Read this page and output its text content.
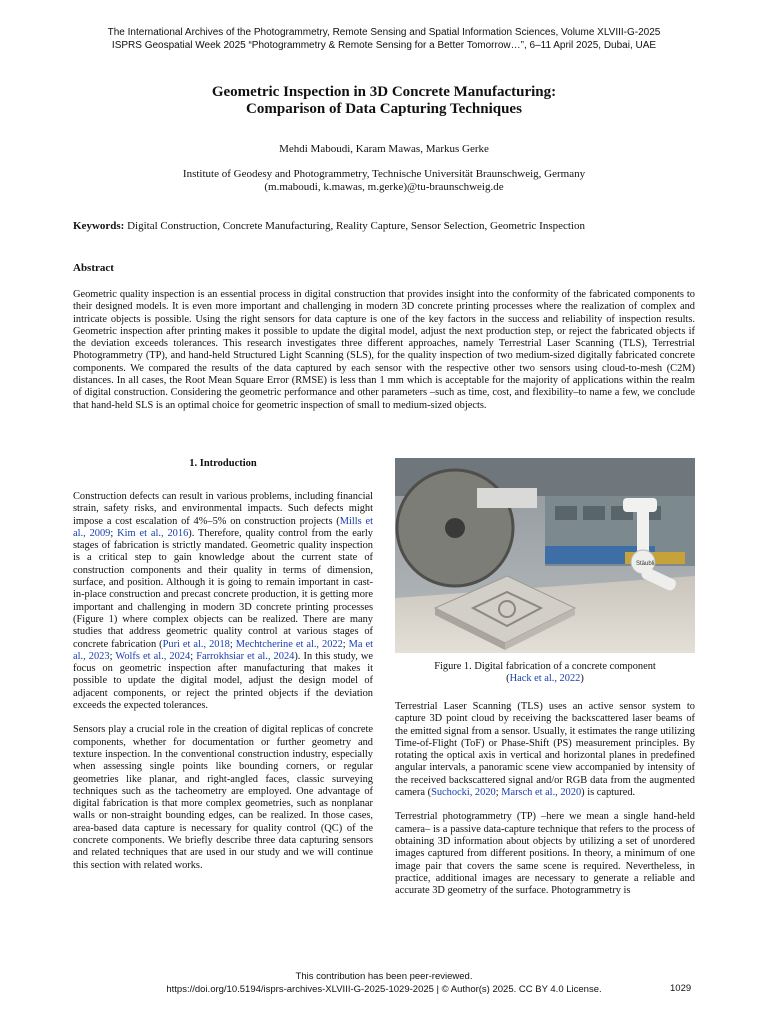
The International Archives of the Photogrammetry, Remote Sensing and Spatial Information Sciences, Volume XLVIII-G-2025
ISPRS Geospatial Week 2025 “Photogrammetry & Remote Sensing for a Better Tomorrow…”, 6–11 April 2025, Dubai, UAE
Geometric Inspection in 3D Concrete Manufacturing:
Comparison of Data Capturing Techniques
Mehdi Maboudi, Karam Mawas, Markus Gerke
Institute of Geodesy and Photogrammetry, Technische Universität Braunschweig, Germany
(m.maboudi, k.mawas, m.gerke)@tu-braunschweig.de
Keywords: Digital Construction, Concrete Manufacturing, Reality Capture, Sensor Selection, Geometric Inspection
Abstract
Geometric quality inspection is an essential process in digital construction that provides insight into the conformity of the fabricated components to their designed models. It is even more important and challenging in modern 3D concrete printing processes where the realization of complex and intricate objects is possible. Using the right sensors for data capture is one of the key factors in the success and reliability of inspection results. Geometric inspection after printing makes it possible to update the digital model, adjust the next production step, or reject the fabricated objects if the deviation exceeds tolerances. This research investigates three different approaches, namely Terrestrial Laser Scanning (TLS), Terrestrial Photogrammetry (TP), and hand-held Structured Light Scanning (SLS), for the quality inspection of two medium-sized digitally fabricated concrete components. We compared the results of the data captured by each sensor with the respective other two sensors using cloud-to-mesh (C2M) distances. In all cases, the Root Mean Square Error (RMSE) is less than 1 mm which is acceptable for the majority of applications within the realm of digital construction. Considering the geometric performance and other parameters –such as time, cost, and flexibility–to name a few, we conclude that hand-held SLS is an optimal choice for geometric inspection of small to medium-sized objects.
1. Introduction

Construction defects can result in various problems, including financial strain, safety risks, and environmental impacts. Such defects might impose a cost escalation of 4%–5% on construction projects (Mills et al., 2009; Kim et al., 2016). Therefore, quality control from the early stages of fabrication is strictly mandated. Geometric quality inspection is a critical step to gain knowledge about the current state of construction components and their quality in terms of dimension, surface, and position. Although it is going to remain important in cast-in-place construction and precast concrete production, it is getting more important and challenging in modern 3D concrete printing processes (Figure 1) where complex objects can be realized. There are many studies that address geometric quality control at various stages of concrete fabrication (Puri et al., 2018; Mechtcherine et al., 2022; Ma et al., 2023; Wolfs et al., 2024; Farrokhsiar et al., 2024). In this study, we focus on geometric inspection after manufacturing that makes it possible to update the digital model, adjust the design model of adjacent components, or reject the printed objects if the deviation exceeds the expected tolerances.

Sensors play a crucial role in the creation of digital replicas of concrete components, whether for documentation or further geometry and texture inspection. In the conventional construction industry, especially when assessing single points like bounding corners, or regular geometries like planar, and right-angled faces, classic surveying techniques such as the tacheometry are employed. One advantage of digital fabrication is that more complex geometries, such as nonplanar walls or non-straight bounding edges, can be realized. In those cases, area-based data capture is necessary for quality control (QC) of the concrete components. We briefly describe three data capturing sensors and related techniques that are used in our study and we will continue this section with related works.

Stäubli
Figure 1. Digital fabrication of a concrete component
(Hack et al., 2022)

Terrestrial Laser Scanning (TLS) uses an active sensor system to capture 3D point cloud by receiving the backscattered laser beams of the emitted signal from a sensor. Usually, it estimates the range utilizing Time-of-Flight (ToF) or Phase-Shift (PS) measurement principles. By rotating the optical axis in vertical and horizontal planes in predefined angular intervals, a panoramic scene view accompanied by intensity of the received backscattered signal and/or RGB data from the augmented camera (Suchocki, 2020; Marsch et al., 2020) is captured.

Terrestrial photogrammetry (TP) –here we mean a single hand-held camera– is a passive data-capture technique that refers to the process of obtaining 3D information about objects by utilizing a set of unordered images captured from different positions. In theory, a minimum of one image pair that covers the same scene is required. Nevertheless, in practice, additional images are necessary to generate a reliable and accurate 3D geometry of the surface. Photogrammetry is

This contribution has been peer-reviewed.
https://doi.org/10.5194/isprs-archives-XLVIII-G-2025-1029-2025 | © Author(s) 2025. CC BY 4.0 License.	1029
